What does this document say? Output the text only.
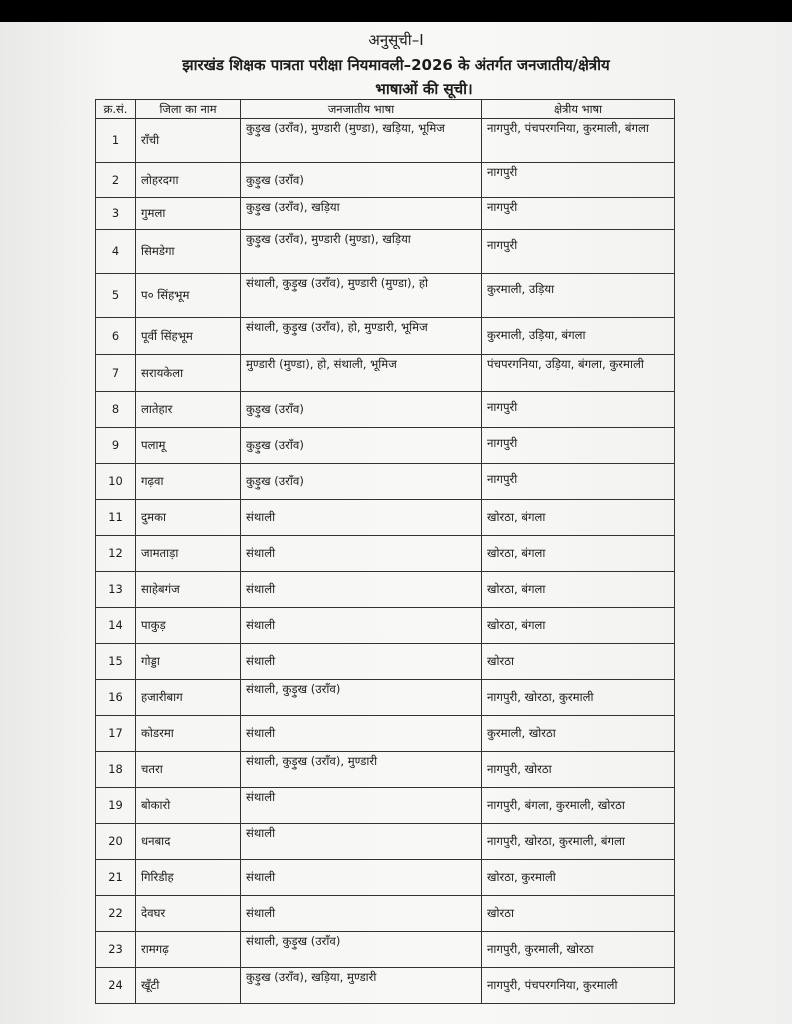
अनुसूची–I
झारखंड शिक्षक पात्रता परीक्षा नियमावली–2026 के अंतर्गत जनजातीय/क्षेत्रीय
भाषाओं की सूची।
क्र.सं.	जिला का नाम	जनजातीय भाषा	क्षेत्रीय भाषा
1	राँची	कुड़ुख (उराँव), मुण्डारी (मुण्डा), खड़िया, भूमिज	नागपुरी, पंचपरगनिया, कुरमाली, बंगला
2	लोहरदगा	कुड़ुख (उराँव)	नागपुरी
3	गुमला	कुड़ुख (उराँव), खड़िया	नागपुरी
4	सिमडेगा	कुड़ुख (उराँव), मुण्डारी (मुण्डा), खड़िया	नागपुरी
5	प० सिंहभूम	संथाली, कुड़ुख (उराँव), मुण्डारी (मुण्डा), हो	कुरमाली, उड़िया
6	पूर्वी सिंहभूम	संथाली, कुड़ुख (उराँव), हो, मुण्डारी, भूमिज	कुरमाली, उड़िया, बंगला
7	सरायकेला	मुण्डारी (मुण्डा), हो, संथाली, भूमिज	पंचपरगनिया, उड़िया, बंगला, कुरमाली
8	लातेहार	कुड़ुख (उराँव)	नागपुरी
9	पलामू	कुड़ुख (उराँव)	नागपुरी
10	गढ़वा	कुड़ुख (उराँव)	नागपुरी
11	दुमका	संथाली	खोरठा, बंगला
12	जामताड़ा	संथाली	खोरठा, बंगला
13	साहेबगंज	संथाली	खोरठा, बंगला
14	पाकुड़	संथाली	खोरठा, बंगला
15	गोड्डा	संथाली	खोरठा
16	हजारीबाग	संथाली, कुड़ुख (उराँव)	नागपुरी, खोरठा, कुरमाली
17	कोडरमा	संथाली	कुरमाली, खोरठा
18	चतरा	संथाली, कुड़ुख (उराँव), मुण्डारी	नागपुरी, खोरठा
19	बोकारो	संथाली	नागपुरी, बंगला, कुरमाली, खोरठा
20	धनबाद	संथाली	नागपुरी, खोरठा, कुरमाली, बंगला
21	गिरिडीह	संथाली	खोरठा, कुरमाली
22	देवघर	संथाली	खोरठा
23	रामगढ़	संथाली, कुड़ुख (उराँव)	नागपुरी, कुरमाली, खोरठा
24	खूँटी	कुड़ुख (उराँव), खड़िया, मुण्डारी	नागपुरी, पंचपरगनिया, कुरमाली
